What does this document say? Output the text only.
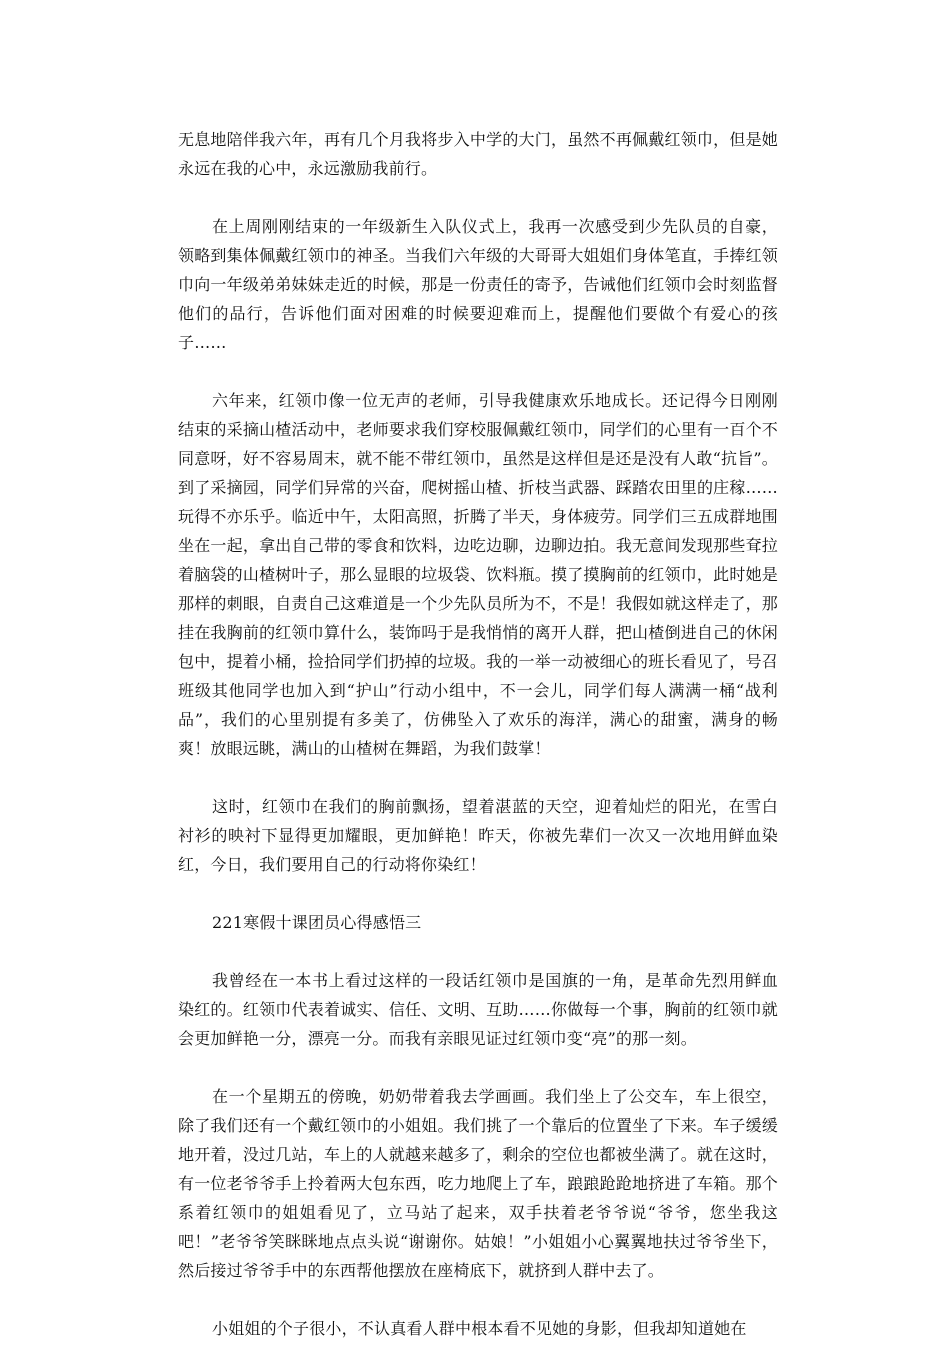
无息地陪伴我六年，再有几个月我将步入中学的大门，虽然不再佩戴红领巾，但是她永远在我的心中，永远激励我前行。

在上周刚刚结束的一年级新生入队仪式上，我再一次感受到少先队员的自豪，领略到集体佩戴红领巾的神圣。当我们六年级的大哥哥大姐姐们身体笔直，手捧红领巾向一年级弟弟妹妹走近的时候，那是一份责任的寄予，告诫他们红领巾会时刻监督他们的品行，告诉他们面对困难的时候要迎难而上，提醒他们要做个有爱心的孩子……

六年来，红领巾像一位无声的老师，引导我健康欢乐地成长。还记得今日刚刚结束的采摘山楂活动中，老师要求我们穿校服佩戴红领巾，同学们的心里有一百个不同意呀，好不容易周末，就不能不带红领巾，虽然是这样但是还是没有人敢“抗旨”。到了采摘园，同学们异常的兴奋，爬树摇山楂、折枝当武器、踩踏农田里的庄稼……玩得不亦乐乎。临近中午，太阳高照，折腾了半天，身体疲劳。同学们三五成群地围坐在一起，拿出自己带的零食和饮料，边吃边聊，边聊边拍。我无意间发现那些耷拉着脑袋的山楂树叶子，那么显眼的垃圾袋、饮料瓶。摸了摸胸前的红领巾，此时她是那样的刺眼，自责自己这难道是一个少先队员所为不，不是！我假如就这样走了，那挂在我胸前的红领巾算什么，装饰吗于是我悄悄的离开人群，把山楂倒进自己的休闲包中，提着小桶，捡拾同学们扔掉的垃圾。我的一举一动被细心的班长看见了，号召班级其他同学也加入到“护山”行动小组中，不一会儿，同学们每人满满一桶“战利品”，我们的心里别提有多美了，仿佛坠入了欢乐的海洋，满心的甜蜜，满身的畅爽！放眼远眺，满山的山楂树在舞蹈，为我们鼓掌！

这时，红领巾在我们的胸前飘扬，望着湛蓝的天空，迎着灿烂的阳光，在雪白衬衫的映衬下显得更加耀眼，更加鲜艳！昨天，你被先辈们一次又一次地用鲜血染红，今日，我们要用自己的行动将你染红！

221寒假十课团员心得感悟三

我曾经在一本书上看过这样的一段话红领巾是国旗的一角，是革命先烈用鲜血染红的。红领巾代表着诚实、信任、文明、互助……你做每一个事，胸前的红领巾就会更加鲜艳一分，漂亮一分。而我有亲眼见证过红领巾变“亮”的那一刻。

在一个星期五的傍晚，奶奶带着我去学画画。我们坐上了公交车，车上很空，除了我们还有一个戴红领巾的小姐姐。我们挑了一个靠后的位置坐了下来。车子缓缓地开着，没过几站，车上的人就越来越多了，剩余的空位也都被坐满了。就在这时，有一位老爷爷手上拎着两大包东西，吃力地爬上了车，踉踉跄跄地挤进了车箱。那个系着红领巾的姐姐看见了，立马站了起来，双手扶着老爷爷说“爷爷，您坐我这吧！”老爷爷笑眯眯地点点头说“谢谢你。姑娘！”小姐姐小心翼翼地扶过爷爷坐下，然后接过爷爷手中的东西帮他摆放在座椅底下，就挤到人群中去了。

小姐姐的个子很小，不认真看人群中根本看不见她的身影，但我却知道她在
